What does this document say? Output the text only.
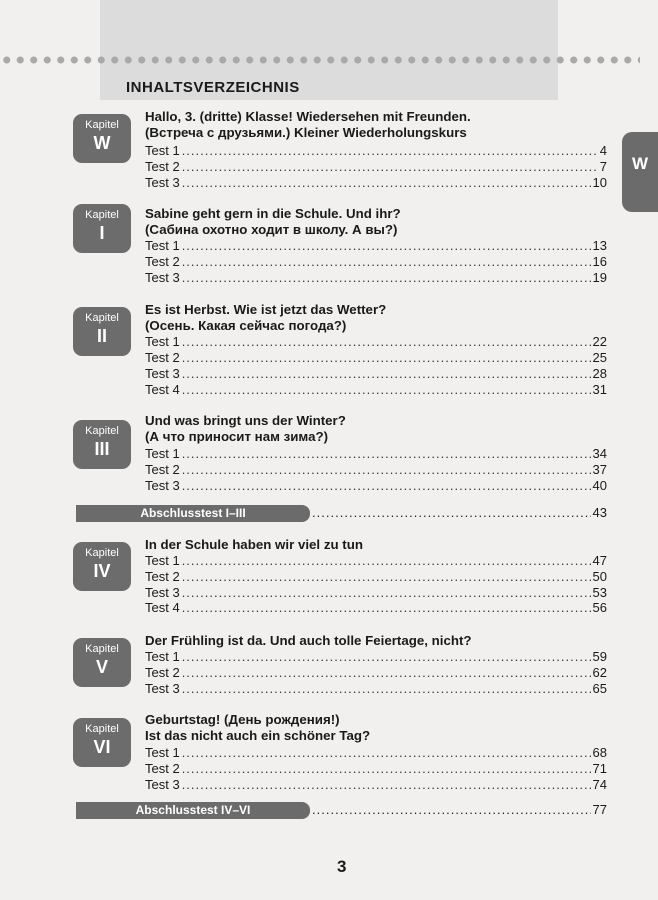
W
INHALTSVERZEICHNIS
Kapitel
W
Hallo, 3. (dritte) Klasse! Wiedersehen mit Freunden.
(Встреча с друзьями.) Kleiner Wiederholungskurs
Test 1 . . .	4
Test 2 . . .	7
Test 3 . . .	10
Kapitel
I
Sabine geht gern in die Schule. Und ihr?
(Сабина охотно ходит в школу. А вы?)
Test 1 . . .	13
Test 2 . . .	16
Test 3 . . .	19
Kapitel
II
Es ist Herbst. Wie ist jetzt das Wetter?
(Осень. Какая сейчас погода?)
Test 1 . . .	22
Test 2 . . .	25
Test 3 . . .	28
Test 4 . . .	31
Kapitel
III
Und was bringt uns der Winter?
(А что приносит нам зима?)
Test 1 . . .	34
Test 2 . . .	37
Test 3 . . .	40
Abschlusstest I–III . . .	43
Kapitel
IV
In der Schule haben wir viel zu tun
Test 1 . . .	47
Test 2 . . .	50
Test 3 . . .	53
Test 4 . . .	56
Kapitel
V
Der Frühling ist da. Und auch tolle Feiertage, nicht?
Test 1 . . .	59
Test 2 . . .	62
Test 3 . . .	65
Kapitel
VI
Geburtstag! (День рождения!)
Ist das nicht auch ein schöner Tag?
Test 1 . . .	68
Test 2 . . .	71
Test 3 . . .	74
Abschlusstest IV–VI . . .	77
3
